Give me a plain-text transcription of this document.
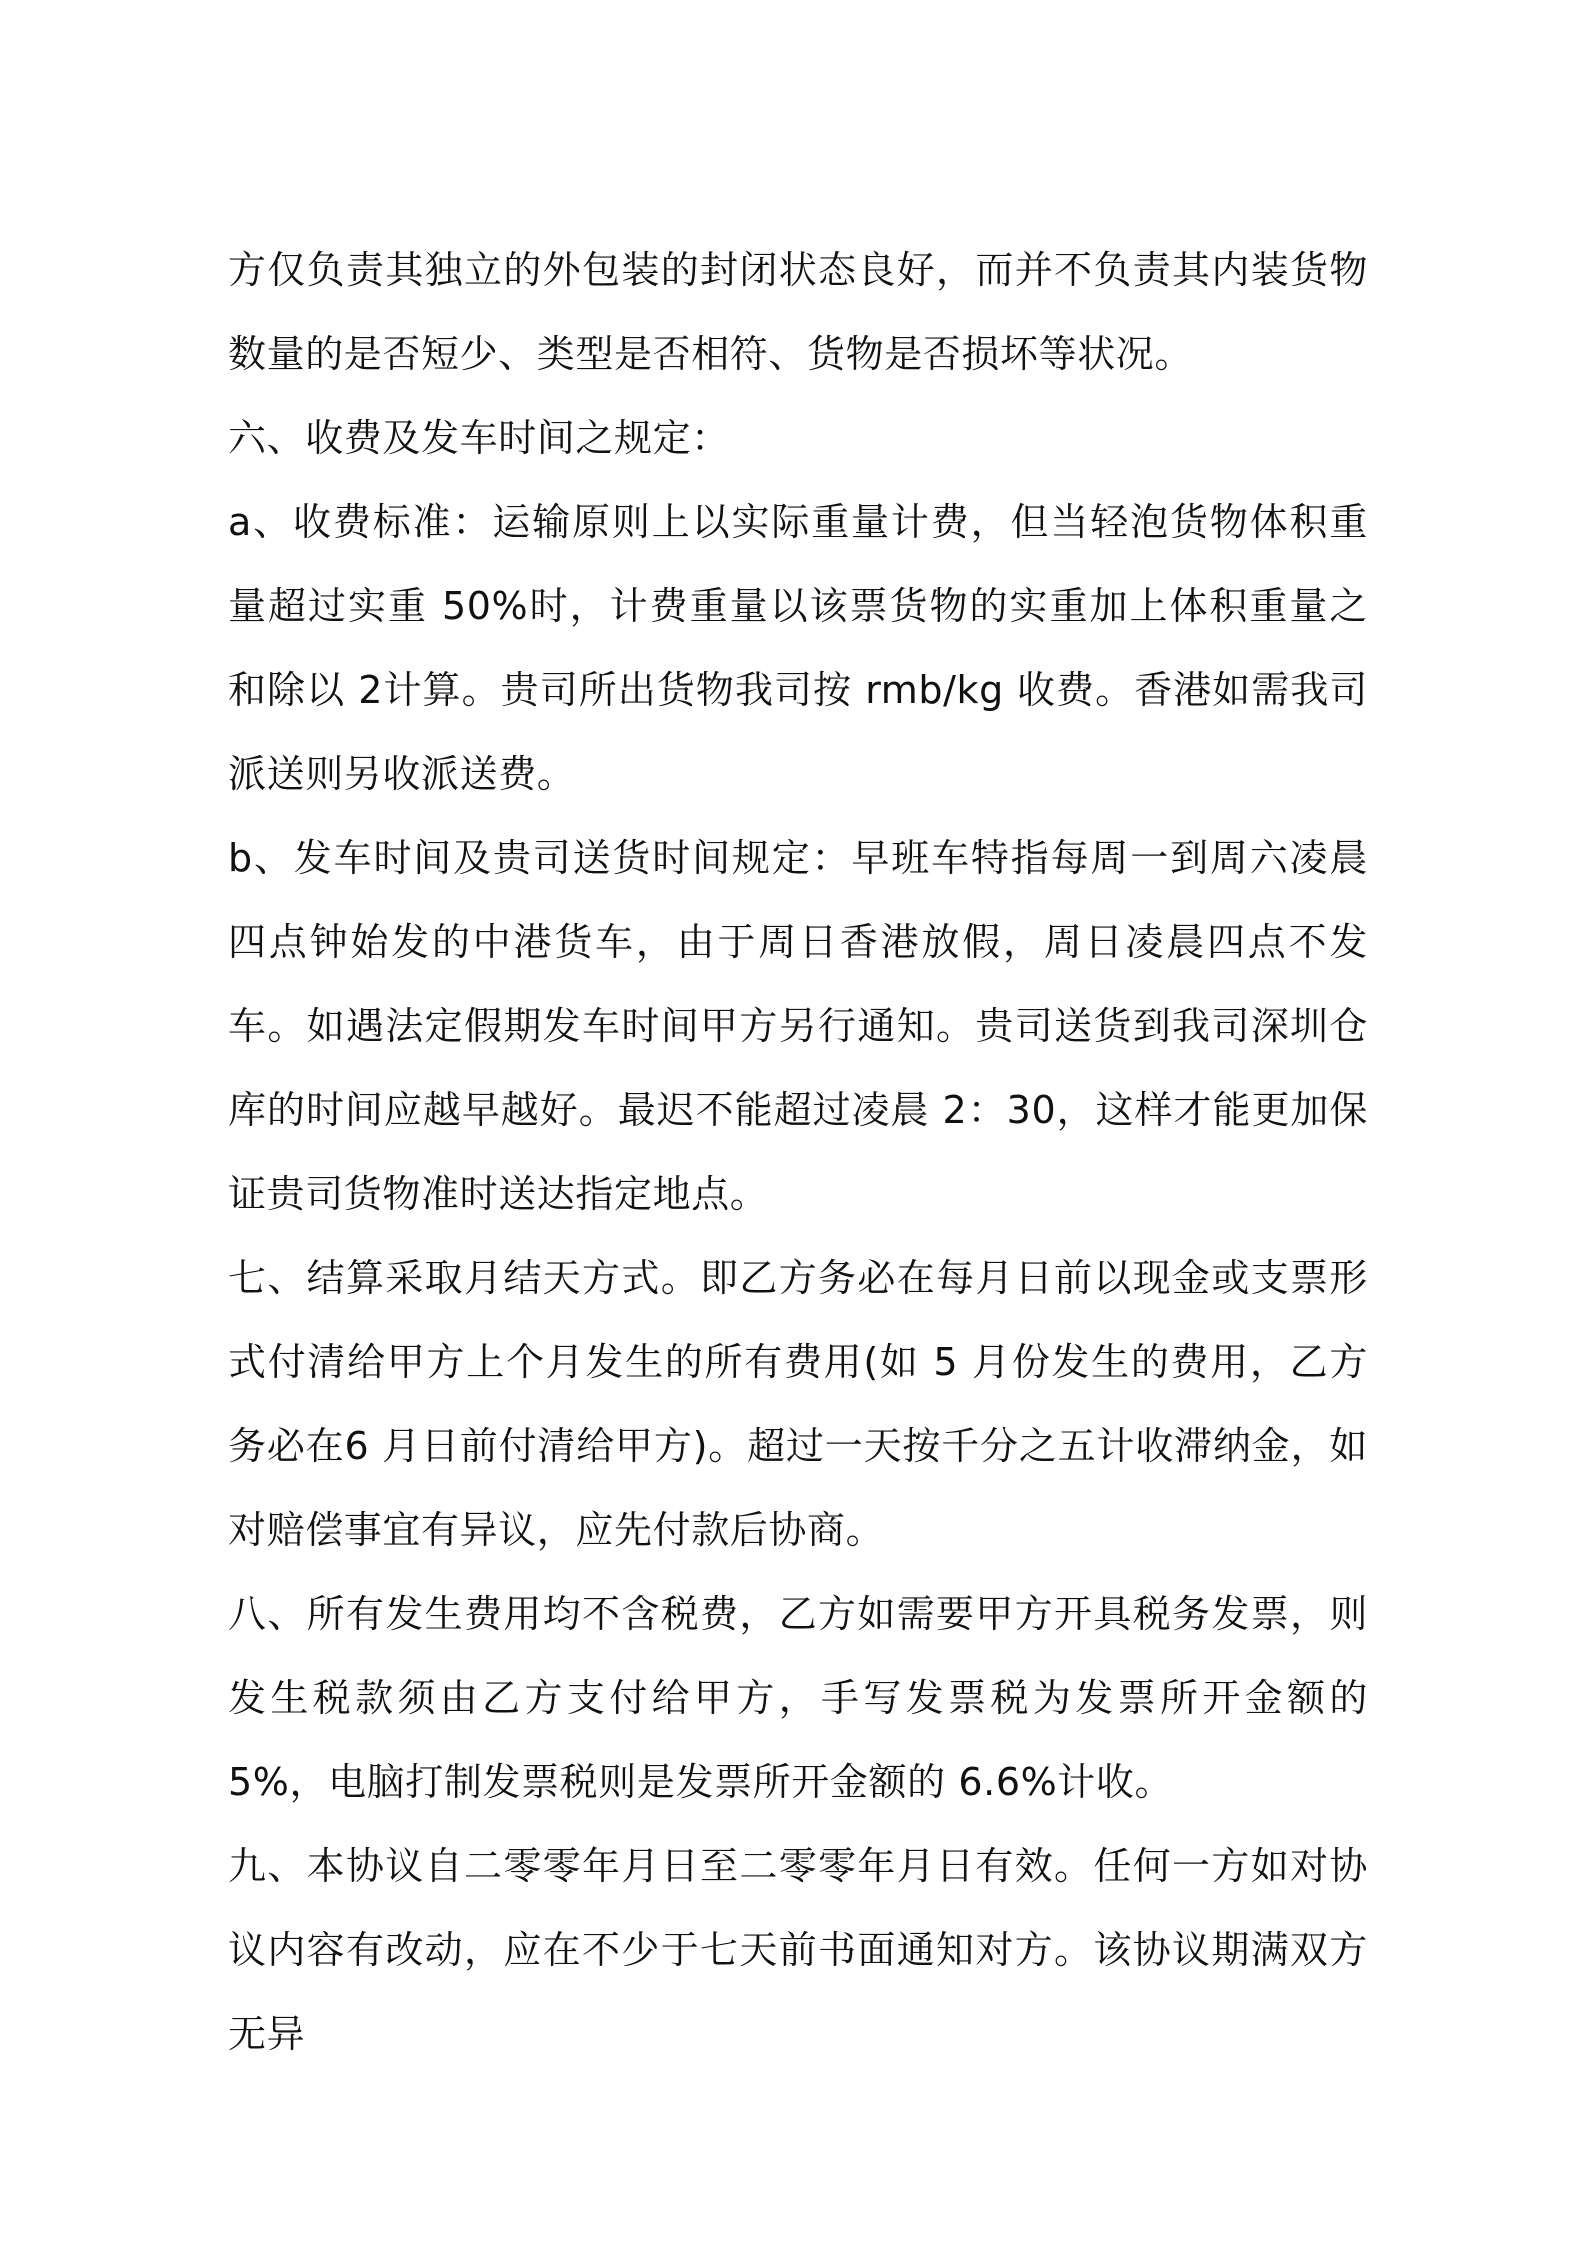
方仅负责其独立的外包装的封闭状态良好，而并不负责其内装货物数量的是否短少、类型是否相符、货物是否损坏等状况。

六、收费及发车时间之规定：

a、收费标准：运输原则上以实际重量计费，但当轻泡货物体积重量超过实重 50%时，计费重量以该票货物的实重加上体积重量之和除以 2计算。贵司所出货物我司按 rmb/kg 收费。香港如需我司派送则另收派送费。

b、发车时间及贵司送货时间规定：早班车特指每周一到周六凌晨四点钟始发的中港货车，由于周日香港放假，周日凌晨四点不发车。如遇法定假期发车时间甲方另行通知。贵司送货到我司深圳仓库的时间应越早越好。最迟不能超过凌晨 2：30，这样才能更加保证贵司货物准时送达指定地点。

七、结算采取月结天方式。即乙方务必在每月日前以现金或支票形式付清给甲方上个月发生的所有费用(如 5 月份发生的费用，乙方务必在6 月日前付清给甲方)。超过一天按千分之五计收滞纳金，如对赔偿事宜有异议，应先付款后协商。

八、所有发生费用均不含税费，乙方如需要甲方开具税务发票，则发生税款须由乙方支付给甲方，手写发票税为发票所开金额的 5%，电脑打制发票税则是发票所开金额的 6.6%计收。

九、本协议自二零零年月日至二零零年月日有效。任何一方如对协议内容有改动，应在不少于七天前书面通知对方。该协议期满双方无异
